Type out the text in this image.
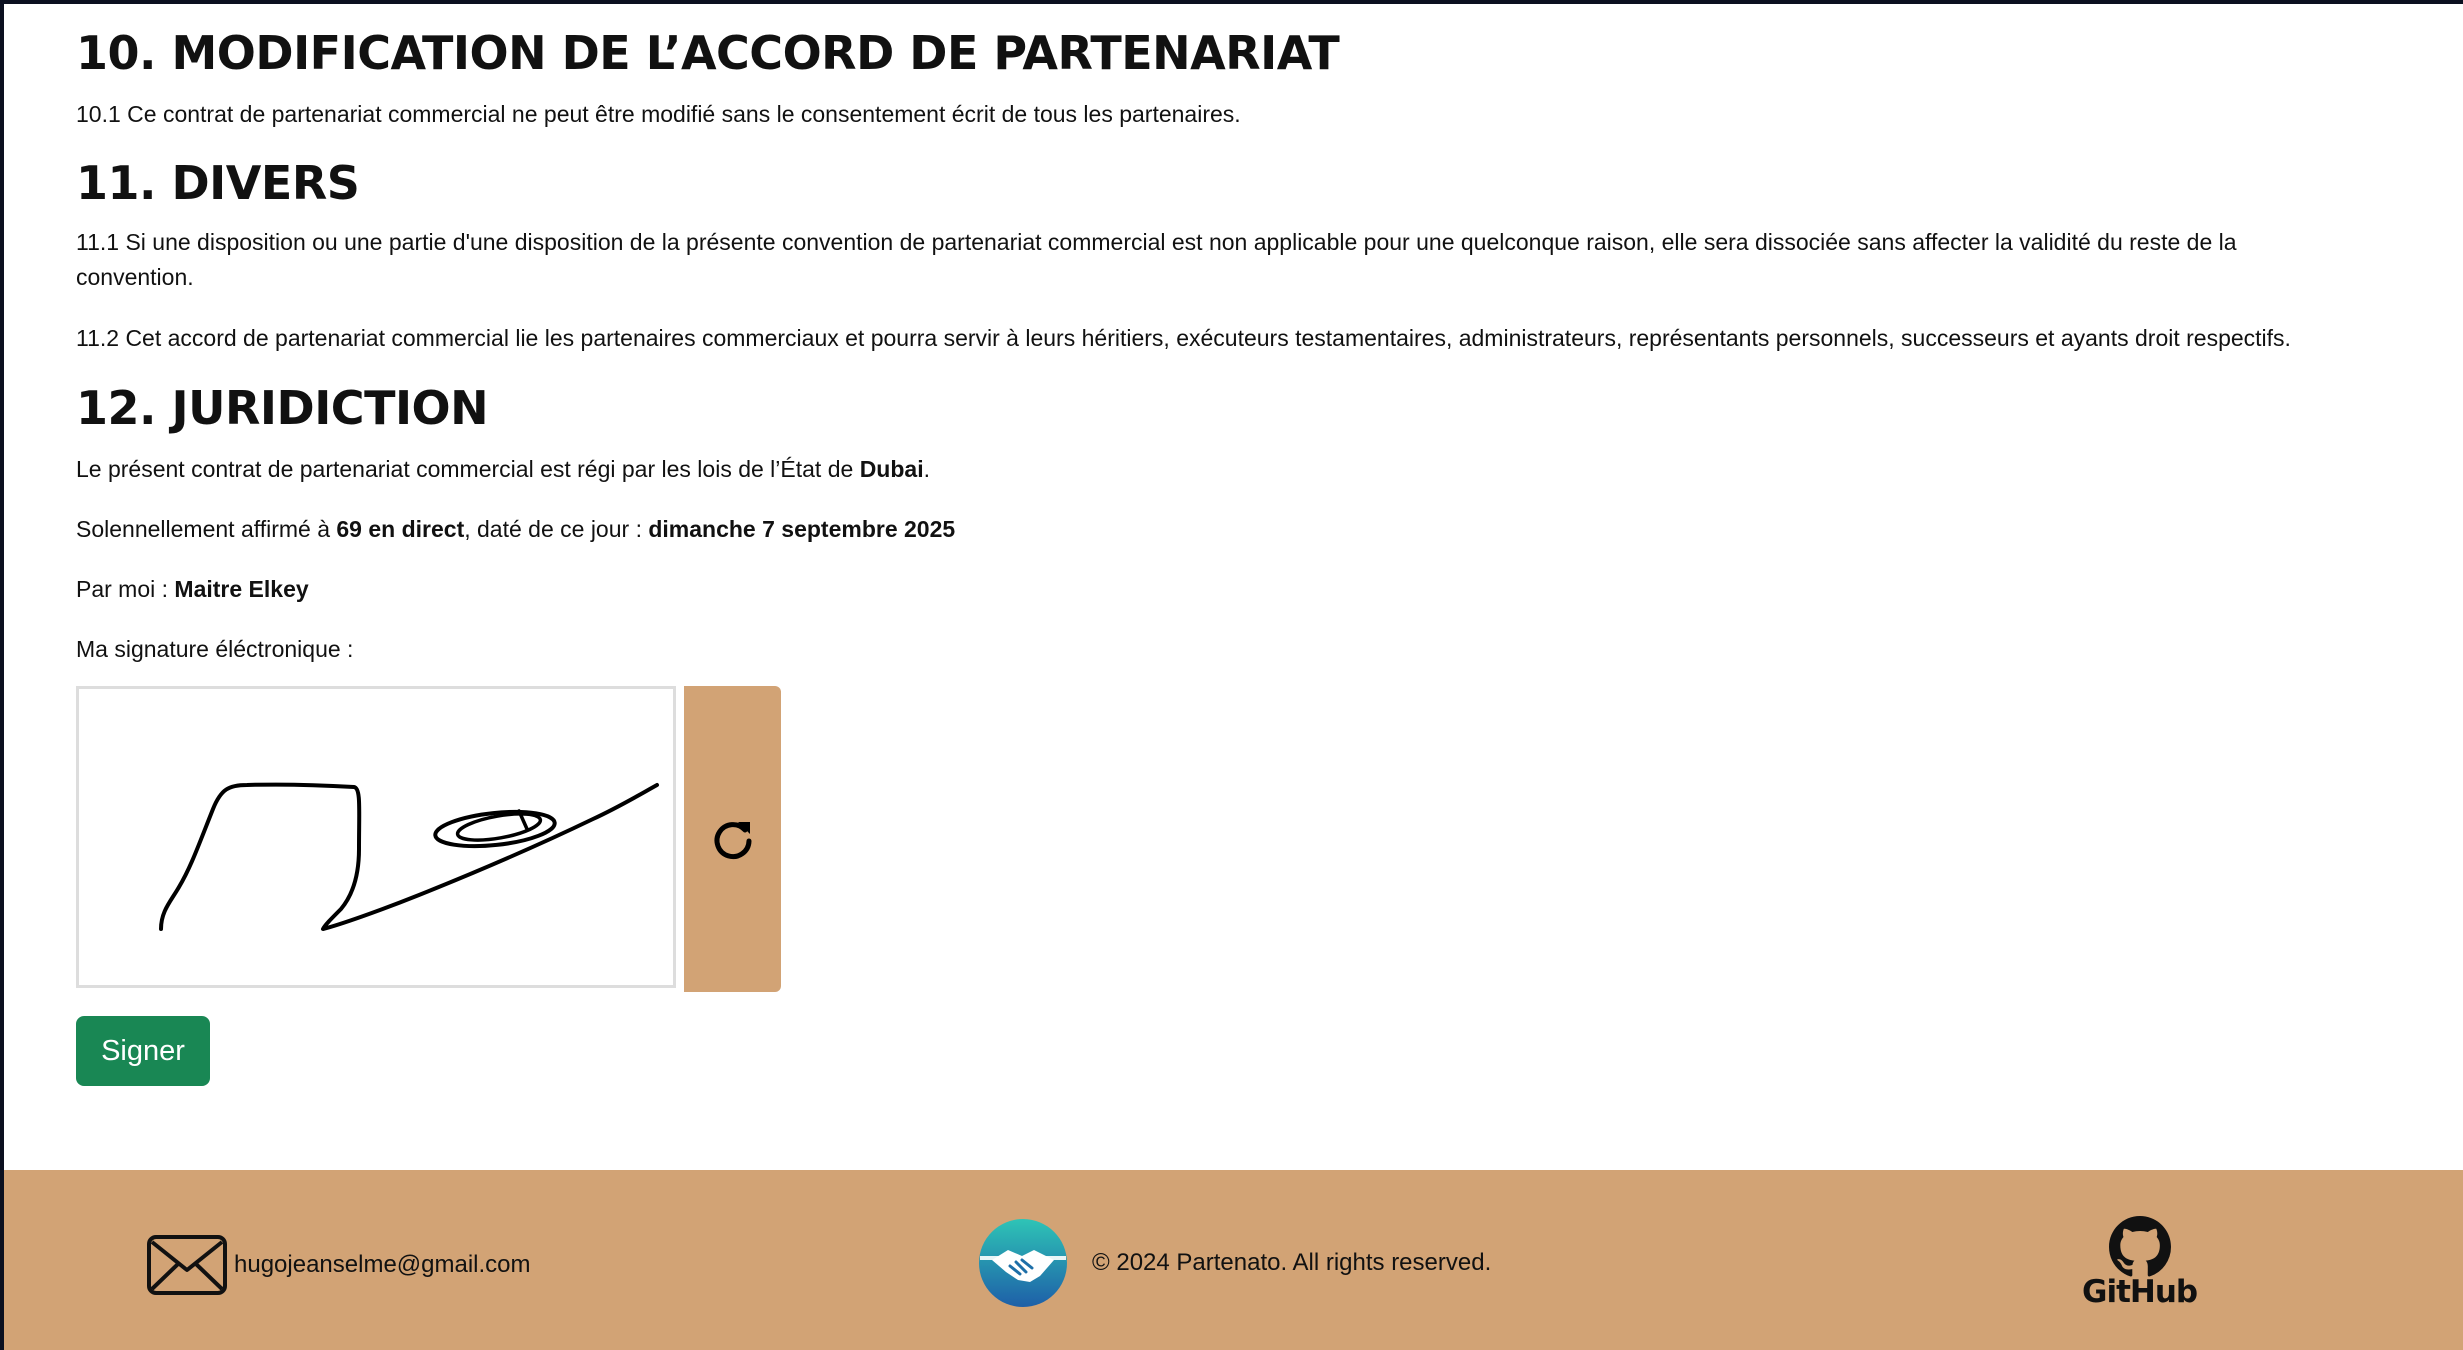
10. MODIFICATION DE L’ACCORD DE PARTENARIAT

10.1 Ce contrat de partenariat commercial ne peut être modifié sans le consentement écrit de tous les partenaires.

11. DIVERS

11.1 Si une disposition ou une partie d'une disposition de la présente convention de partenariat commercial est non applicable pour une quelconque raison, elle sera dissociée sans affecter la validité du reste de la convention.

11.2 Cet accord de partenariat commercial lie les partenaires commerciaux et pourra servir à leurs héritiers, exécuteurs testamentaires, administrateurs, représentants personnels, successeurs et ayants droit respectifs.

12. JURIDICTION

Le présent contrat de partenariat commercial est régi par les lois de l’État de Dubai.

Solennellement affirmé à 69 en direct, daté de ce jour : dimanche 7 septembre 2025

Par moi : Maitre Elkey

Ma signature éléctronique :

Signer
hugojeanselme@gmail.com	© 2024 Partenato. All rights reserved.
GitHub
